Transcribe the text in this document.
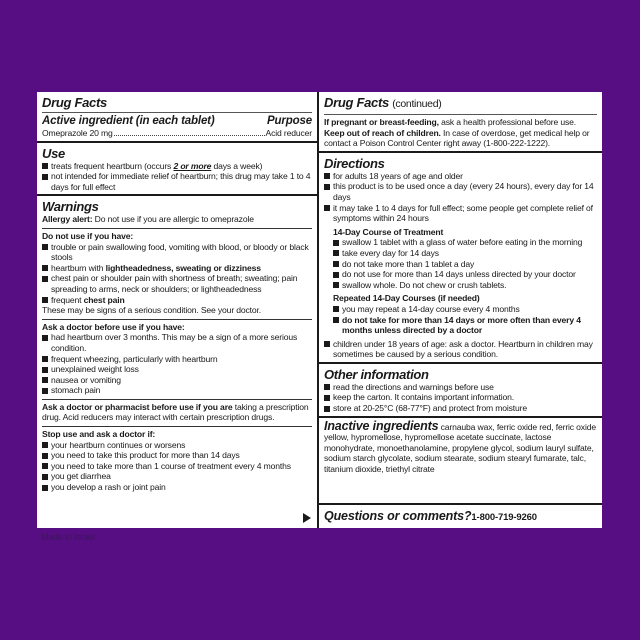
Drug Facts
Active ingredient (in each tablet)	Purpose
Omeprazole 20 mg	Acid reducer
Use
treats frequent heartburn (occurs 2 or more days a week)
not intended for immediate relief of heartburn; this drug may take 1 to 4 days for full effect
Warnings
Allergy alert: Do not use if you are allergic to omeprazole
Do not use if you have:
trouble or pain swallowing food, vomiting with blood, or bloody or black stools
heartburn with lightheadedness, sweating or dizziness
chest pain or shoulder pain with shortness of breath; sweating; pain spreading to arms, neck or shoulders; or lightheadedness
frequent chest pain
These may be signs of a serious condition. See your doctor.
Ask a doctor before use if you have:
had heartburn over 3 months. This may be a sign of a more serious condition.
frequent wheezing, particularly with heartburn
unexplained weight loss
nausea or vomiting
stomach pain
Ask a doctor or pharmacist before use if you are taking a prescription drug. Acid reducers may interact with certain prescription drugs.
Stop use and ask a doctor if:
your heartburn continues or worsens
you need to take this product for more than 14 days
you need to take more than 1 course of treatment every 4 months
you get diarrhea
you develop a rash or joint pain
Drug Facts (continued)
If pregnant or breast-feeding, ask a health professional before use.
Keep out of reach of children. In case of overdose, get medical help or contact a Poison Control Center right away (1-800-222-1222).
Directions
for adults 18 years of age and older
this product is to be used once a day (every 24 hours), every day for 14 days
it may take 1 to 4 days for full effect; some people get complete relief of symptoms within 24 hours
14-Day Course of Treatment
swallow 1 tablet with a glass of water before eating in the morning
take every day for 14 days
do not take more than 1 tablet a day
do not use for more than 14 days unless directed by your doctor
swallow whole. Do not chew or crush tablets.
Repeated 14-Day Courses (if needed)
you may repeat a 14-day course every 4 months
do not take for more than 14 days or more often than every 4 months unless directed by a doctor
children under 18 years of age: ask a doctor. Heartburn in children may sometimes be caused by a serious condition.
Other information
read the directions and warnings before use
keep the carton. It contains important information.
store at 20-25°C (68-77°F) and protect from moisture
Inactive ingredients carnauba wax, ferric oxide red, ferric oxide yellow, hypromellose, hypromellose acetate succinate, lactose monohydrate, monoethanolamine, propylene glycol, sodium lauryl sulfate, sodium starch glycolate, sodium stearate, sodium stearyl fumarate, talc, titanium dioxide, triethyl citrate
Questions or comments?1-800-719-9260
Made in Israel
